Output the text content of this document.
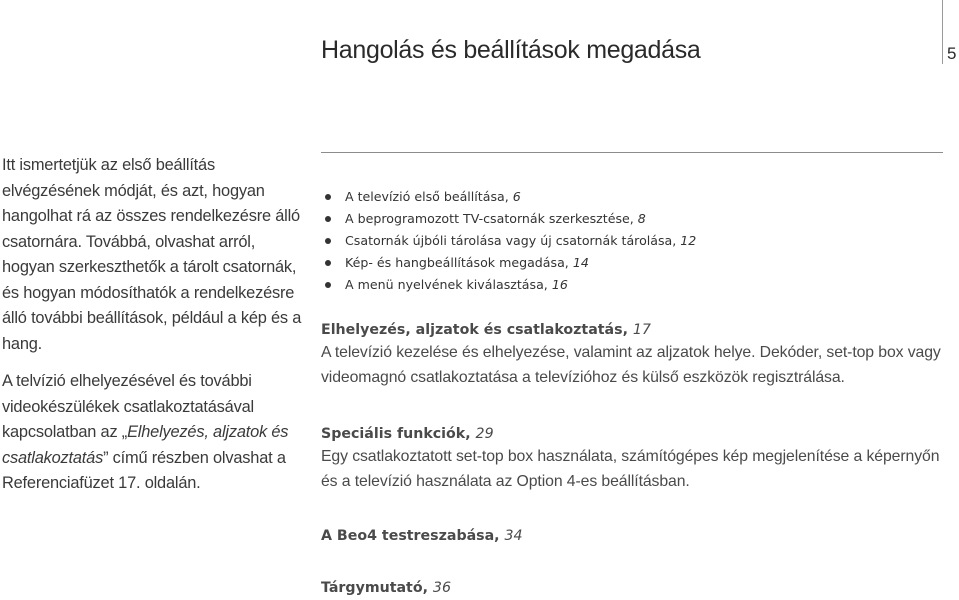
Hangolás és beállítások megadása	5

Itt ismertetjük az első beállítás elvégzésének módját, és azt, hogyan hangolhat rá az összes rendelkezésre álló csatornára. Továbbá, olvashat arról, hogyan szerkeszthetők a tárolt csatornák, és hogyan módosíthatók a rendelkezésre álló további beállítások, például a kép és a hang.

A telvízió elhelyezésével és további videokészülékek csatlakoztatásával kapcsolatban az „Elhelyezés, aljzatok és csatlakoztatás” című részben olvashat a Referenciafüzet 17. oldalán.

A televízió első beállítása, 6
A beprogramozott TV-csatornák szerkesztése, 8
Csatornák újbóli tárolása vagy új csatornák tárolása, 12
Kép- és hangbeállítások megadása, 14
A menü nyelvének kiválasztása, 16
Elhelyezés, aljzatok és csatlakoztatás, 17

A televízió kezelése és elhelyezése, valamint az aljzatok helye. Dekóder, set-top box vagy videomagnó csatlakoztatása a televízióhoz és külső eszközök regisztrálása.

Speciális funkciók, 29

Egy csatlakoztatott set-top box használata, számítógépes kép megjelenítése a képernyőn és a televízió használata az Option 4-es beállításban.

A Beo4 testreszabása, 34
Tárgymutató, 36
